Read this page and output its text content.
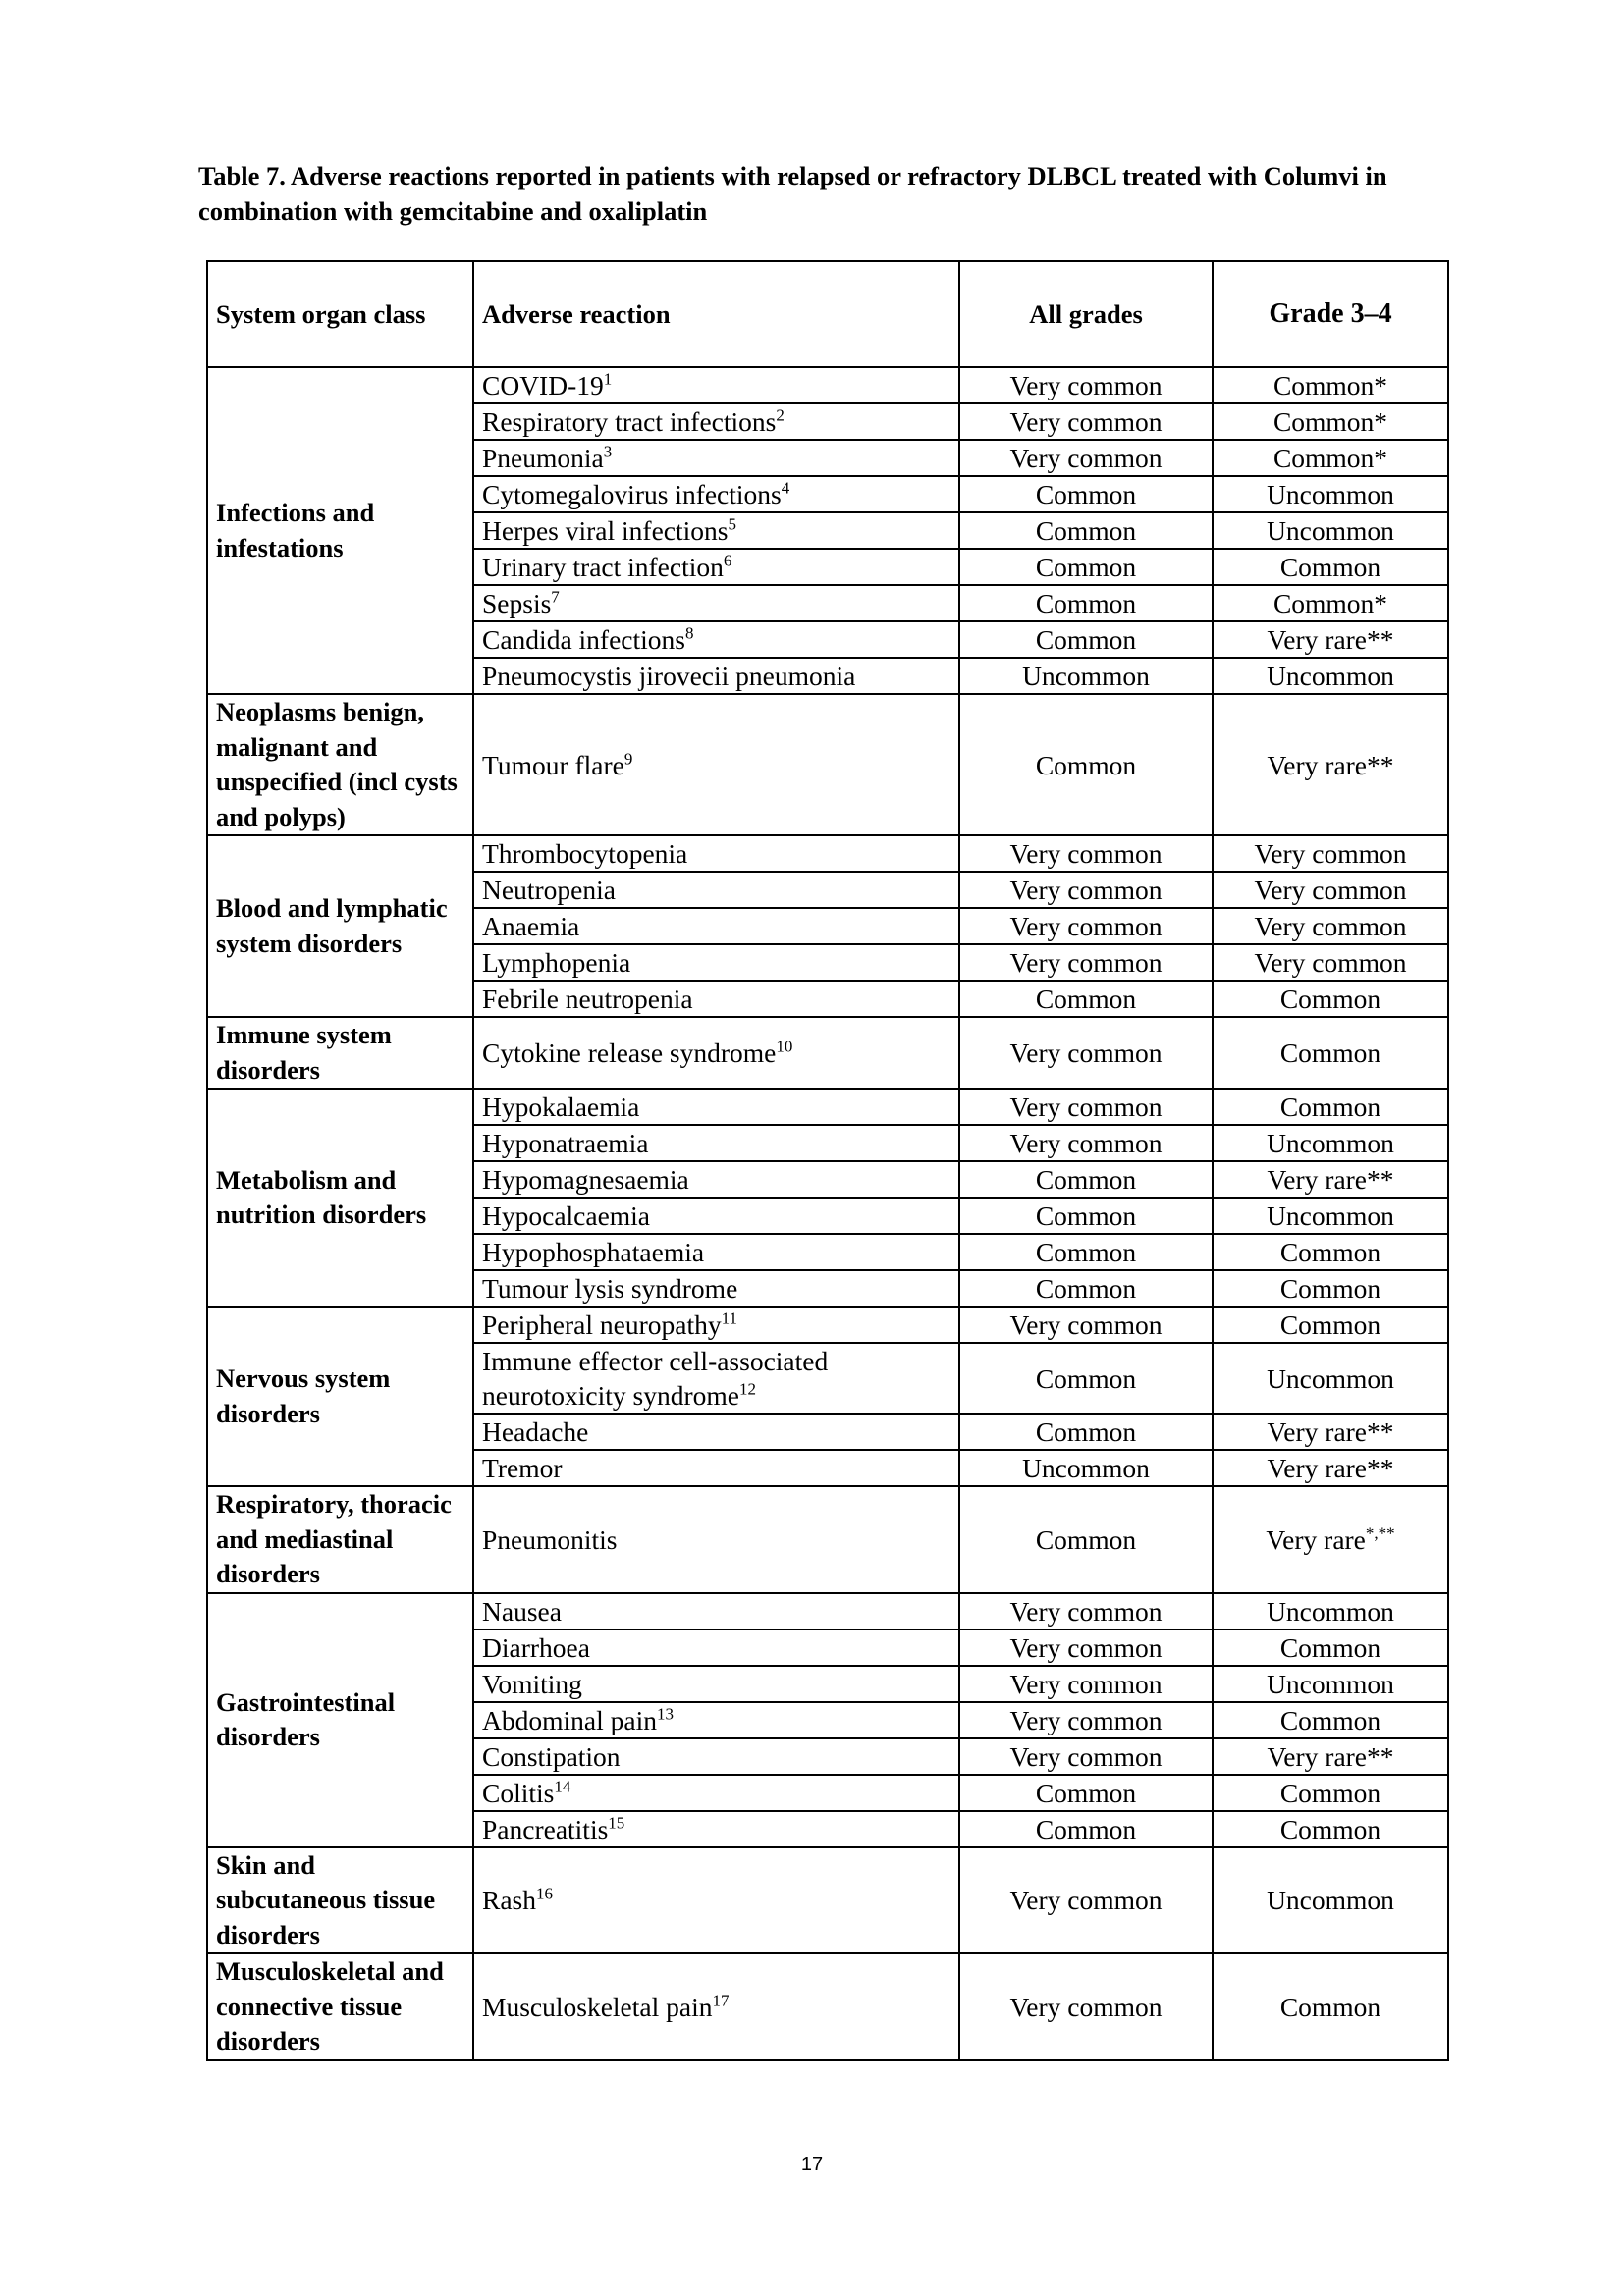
Table 7. Adverse reactions reported in patients with relapsed or refractory DLBCL treated with Columvi in combination with gemcitabine and oxaliplatin
System organ class	Adverse reaction	All grades	Grade 3–4
Infections and infestations	COVID-$19^1$	Very common	Common*
	Respiratory tract infections$^2$	Very common	Common*
	Pneumonia$^3$	Very common	Common*
	Cytomegalovirus infections$^4$	Common	Uncommon
	Herpes viral infections$^5$	Common	Uncommon
	Urinary tract infection$^6$	Common	Common
	Sepsis$^7$	Common	Common*
	Candida infections$^8$	Common	Very rare**
	Pneumocystis jirovecii pneumonia	Uncommon	Uncommon
Neoplasms benign, malignant and unspecified (incl cysts and polyps)	Tumour flare$^9$	Common	Very rare**
Blood and lymphatic system disorders	Thrombocytopenia	Very common	Very common
	Neutropenia	Very common	Very common
	Anaemia	Very common	Very common
	Lymphopenia	Very common	Very common
	Febrile neutropenia	Common	Common
Immune system disorders	Cytokine release syndrome$^{10}$	Very common	Common
Metabolism and nutrition disorders	Hypokalaemia	Very common	Common
	Hyponatraemia	Very common	Uncommon
	Hypomagnesaemia	Common	Very rare**
	Hypocalcaemia	Common	Uncommon
	Hypophosphataemia	Common	Common
	Tumour lysis syndrome	Common	Common
Nervous system disorders	Peripheral neuropathy$^{11}$	Very common	Common
	Immune effector cell-associated neurotoxicity syndrome$^{12}$	Common	Uncommon
	Headache	Common	Very rare**
	Tremor	Uncommon	Very rare**
Respiratory, thoracic and mediastinal disorders	Pneumonitis	Common	Very rare*,**
Gastrointestinal disorders	Nausea	Very common	Uncommon
	Diarrhoea	Very common	Common
	Vomiting	Very common	Uncommon
	Abdominal pain$^{13}$	Very common	Common
	Constipation	Very common	Very rare**
	Colitis$^{14}$	Common	Common
	Pancreatitis$^{15}$	Common	Common
Skin and subcutaneous tissue disorders	Rash$^{16}$	Very common	Uncommon
Musculoskeletal and connective tissue disorders	Musculoskeletal pain$^{17}$	Very common	Common
17
